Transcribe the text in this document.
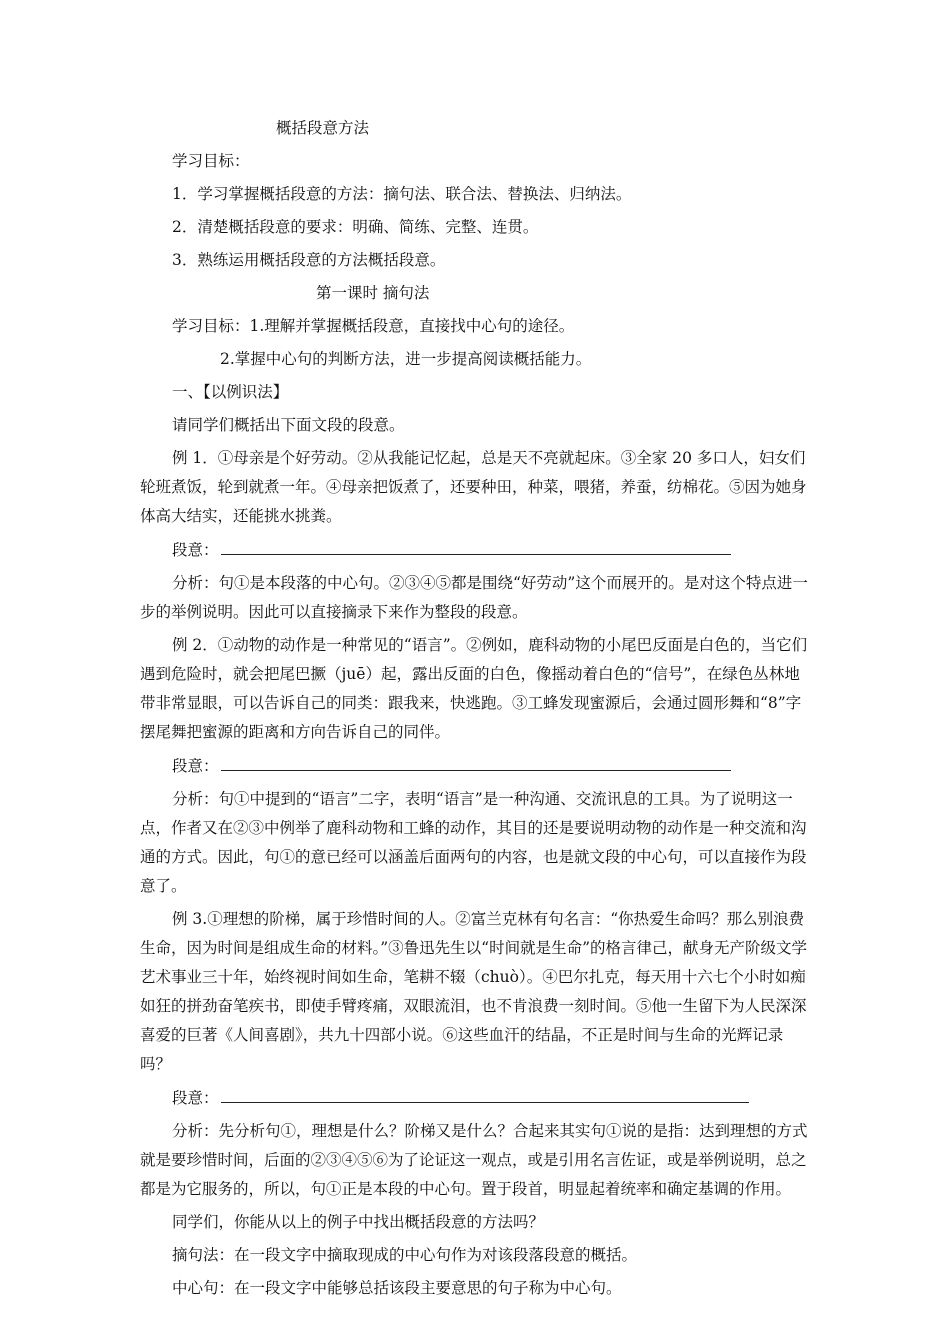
概括段意方法

学习目标：

1．学习掌握概括段意的方法：摘句法、联合法、替换法、归纳法。

2．清楚概括段意的要求：明确、简练、完整、连贯。

3．熟练运用概括段意的方法概括段意。

第一课时 摘句法

学习目标：1.理解并掌握概括段意，直接找中心句的途径。

2.掌握中心句的判断方法，进一步提高阅读概括能力。

一、【以例识法】

请同学们概括出下面文段的段意。

例 1．①母亲是个好劳动。②从我能记忆起，总是天不亮就起床。③全家 20 多口人，妇女们轮班煮饭，轮到就煮一年。④母亲把饭煮了，还要种田，种菜，喂猪，养蚕，纺棉花。⑤因为她身体高大结实，还能挑水挑粪。

段意：

分析：句①是本段落的中心句。②③④⑤都是围绕“好劳动”这个而展开的。是对这个特点进一步的举例说明。因此可以直接摘录下来作为整段的段意。

例 2．①动物的动作是一种常见的“语言”。②例如，鹿科动物的小尾巴反面是白色的，当它们遇到危险时，就会把尾巴撅（juē）起，露出反面的白色，像摇动着白色的“信号”，在绿色丛林地带非常显眼，可以告诉自己的同类：跟我来，快逃跑。③工蜂发现蜜源后，会通过圆形舞和“8”字摆尾舞把蜜源的距离和方向告诉自己的同伴。

段意：

分析：句①中提到的“语言”二字，表明“语言”是一种沟通、交流讯息的工具。为了说明这一点，作者又在②③中例举了鹿科动物和工蜂的动作，其目的还是要说明动物的动作是一种交流和沟通的方式。因此，句①的意已经可以涵盖后面两句的内容，也是就文段的中心句，可以直接作为段意了。

例 3.①理想的阶梯，属于珍惜时间的人。②富兰克林有句名言：“你热爱生命吗？那么别浪费生命，因为时间是组成生命的材料。”③鲁迅先生以“时间就是生命”的格言律己，献身无产阶级文学艺术事业三十年，始终视时间如生命，笔耕不辍（chuò）。④巴尔扎克，每天用十六七个小时如痴如狂的拼劲奋笔疾书，即使手臂疼痛，双眼流泪，也不肯浪费一刻时间。⑤他一生留下为人民深深喜爱的巨著《人间喜剧》，共九十四部小说。⑥这些血汗的结晶，不正是时间与生命的光辉记录吗？

段意：

分析：先分析句①，理想是什么？阶梯又是什么？合起来其实句①说的是指：达到理想的方式就是要珍惜时间，后面的②③④⑤⑥为了论证这一观点，或是引用名言佐证，或是举例说明，总之都是为它服务的，所以，句①正是本段的中心句。置于段首，明显起着统率和确定基调的作用。

同学们，你能从以上的例子中找出概括段意的方法吗？

摘句法：在一段文字中摘取现成的中心句作为对该段落段意的概括。

中心句：在一段文字中能够总括该段主要意思的句子称为中心句。
